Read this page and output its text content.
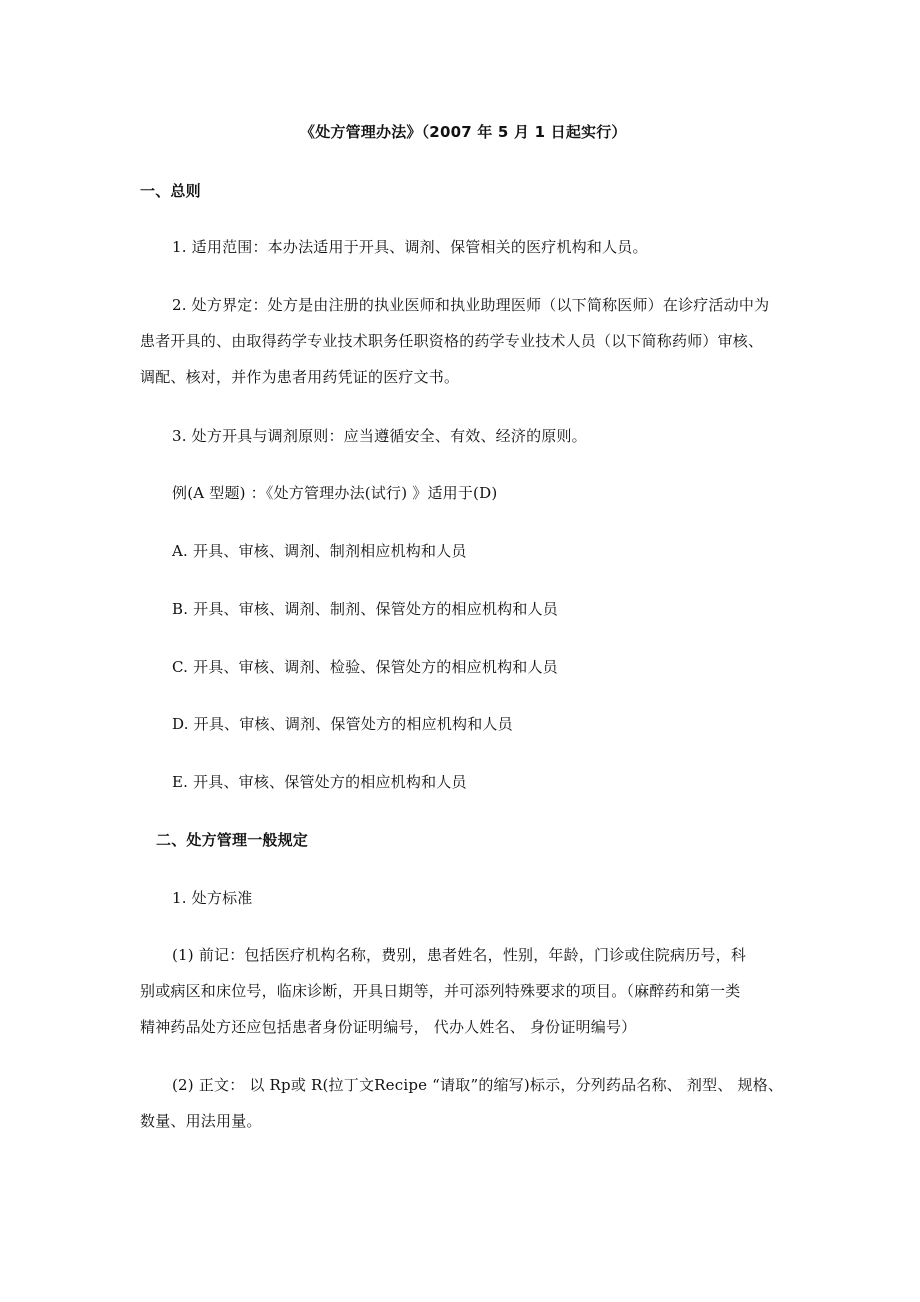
《处方管理办法》（2007 年 5 月 1 日起实行）
一、总则
1. 适用范围：本办法适用于开具、调剂、保管相关的医疗机构和人员。
2. 处方界定：处方是由注册的执业医师和执业助理医师（以下简称医师）在诊疗活动中为
患者开具的、由取得药学专业技术职务任职资格的药学专业技术人员（以下简称药师）审核、
调配、核对，并作为患者用药凭证的医疗文书。
3. 处方开具与调剂原则：应当遵循安全、有效、经济的原则。
例(A 型题) ：《处方管理办法(试行) 》适用于(D)
A. 开具、审核、调剂、制剂相应机构和人员
B. 开具、审核、调剂、制剂、保管处方的相应机构和人员
C. 开具、审核、调剂、检验、保管处方的相应机构和人员
D. 开具、审核、调剂、保管处方的相应机构和人员
E. 开具、审核、保管处方的相应机构和人员
二、处方管理一般规定
1. 处方标准
(1) 前记：包括医疗机构名称，费别，患者姓名，性别，年龄，门诊或住院病历号，科
别或病区和床位号，临床诊断，开具日期等，并可添列特殊要求的项目。（麻醉药和第一类
精神药品处方还应包括患者身份证明编号， 代办人姓名、 身份证明编号）
(2) 正文： 以 Rp或 R(拉丁文Recipe “请取”的缩写)标示，分列药品名称、 剂型、 规格、
数量、用法用量。
